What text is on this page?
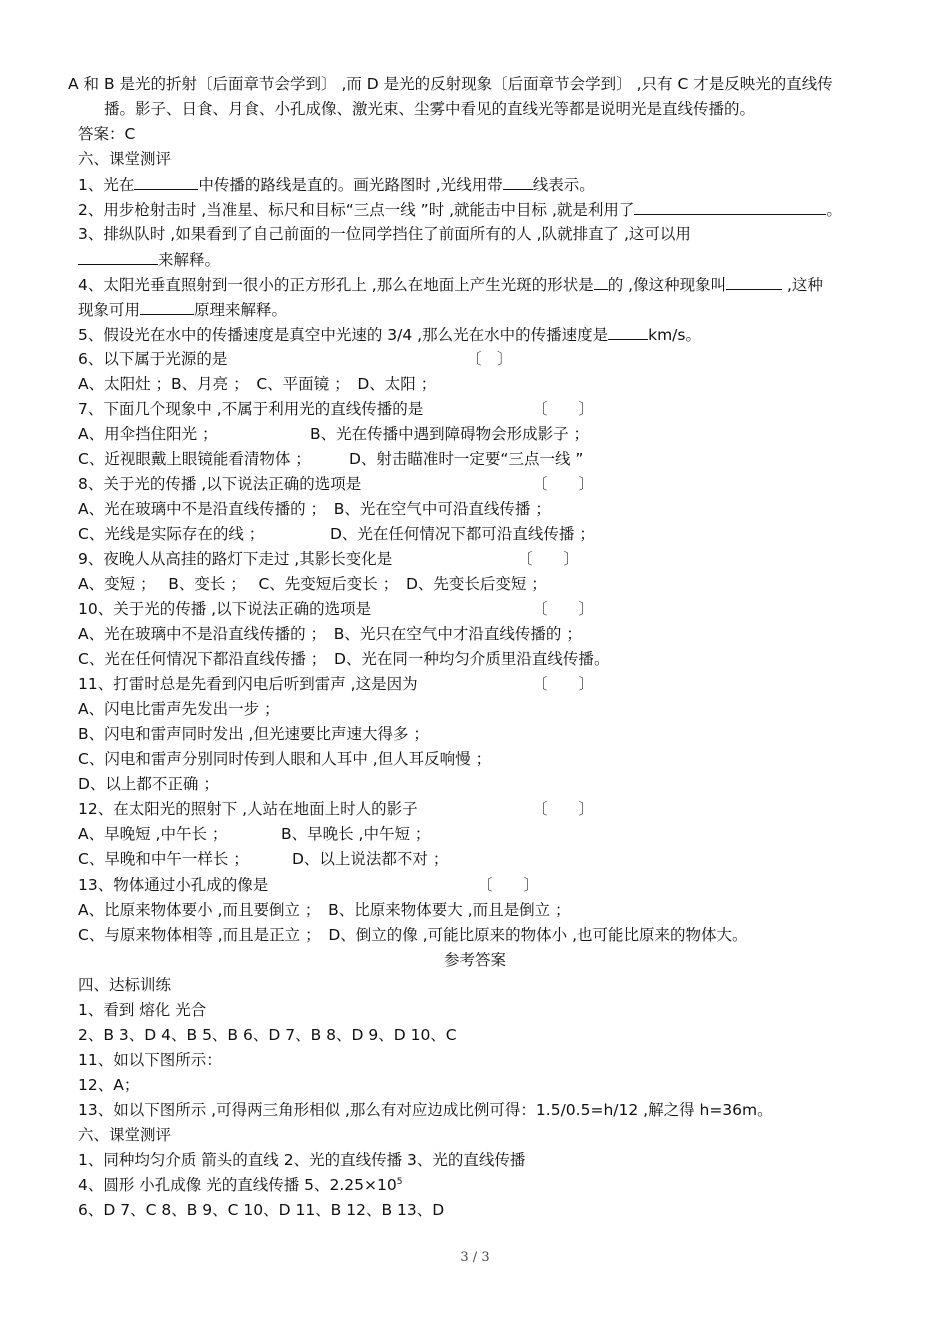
A 和 B 是光的折射〔后面章节会学到〕 ,而 D 是光的反射现象〔后面章节会学到〕 ,只有 C 才是反映光的直线传
播。影子、日食、月食、小孔成像、激光束、尘雾中看见的直线光等都是说明光是直线传播的。
答案：C
六、课堂测评
1、光在	中传播的路线是直的。画光路图时 ,光线用带 线表示。
2、用步枪射击时 ,当准星、标尺和目标“三点一线 ”时 ,就能击中目标 ,就是利用了	。
3、排纵队时 ,如果看到了自己前面的一位同学挡住了前面所有的人 ,队就排直了 ,这可以用
来解释。
4、太阳光垂直照射到一很小的正方形孔上 ,那么在地面上产生光斑的形状是 的 ,像这种现象叫	,这种
现象可用	原理来解释。
5、假设光在水中的传播速度是真空中光速的 3/4 ,那么光在水中的传播速度是	km/s。
6、以下属于光源的是	〔　〕
A、太阳灶 ；B、月亮 ；　C、平面镜 ；　D、太阳 ；
7、下面几个现象中 ,不属于利用光的直线传播的是	〔　　〕
A、用伞挡住阳光 ；	B、光在传播中遇到障碍物会形成影子 ；
C、近视眼戴上眼镜能看清物体 ； D、射击瞄准时一定要“三点一线 ”
8、关于光的传播 ,以下说法正确的选项是	〔　　〕
A、光在玻璃中不是沿直线传播的 ；　B、光在空气中可沿直线传播 ；
C、光线是实际存在的线 ；	D、光在任何情况下都可沿直线传播 ；
9、夜晚人从高挂的路灯下走过 ,其影长变化是	〔　　〕
A、变短 ；　 B、变长 ；　 C、先变短后变长 ；　D、先变长后变短 ；
10、关于光的传播 ,以下说法正确的选项是	〔　　〕
A、光在玻璃中不是沿直线传播的 ；　B、光只在空气中才沿直线传播的 ；
C、光在任何情况下都沿直线传播 ；　D、光在同一种均匀介质里沿直线传播。
11、打雷时总是先看到闪电后听到雷声 ,这是因为	〔　　〕
A、闪电比雷声先发出一步 ；
B、闪电和雷声同时发出 ,但光速要比声速大得多 ；
C、闪电和雷声分别同时传到人眼和人耳中 ,但人耳反响慢 ；
D、以上都不正确 ；
12、在太阳光的照射下 ,人站在地面上时人的影子	〔　　〕
A、早晚短 ,中午长 ；	B、早晚长 ,中午短 ；
C、早晚和中午一样长 ；	D、以上说法都不对 ；
13、物体通过小孔成的像是	〔　　〕
A、比原来物体要小 ,而且要倒立 ；　B、比原来物体要大 ,而且是倒立 ；
C、与原来物体相等 ,而且是正立 ；　D、倒立的像 ,可能比原来的物体小 ,也可能比原来的物体大。
参考答案
四、达标训练
1、看到 熔化 光合
2、B 3、D 4、B 5、B 6、D 7、B 8、D 9、D 10、C
11、如以下图所示：
12、A；
13、如以下图所示 ,可得两三角形相似 ,那么有对应边成比例可得：1.5/0.5=h/12 ,解之得 h=36m。
六、课堂测评
1、同种均匀介质 箭头的直线 2、光的直线传播 3、光的直线传播
4、圆形 小孔成像 光的直线传播 5、$2.25\times 10^5$
6、D 7、C 8、B 9、C 10、D 11、B 12、B 13、D
3 / 3
